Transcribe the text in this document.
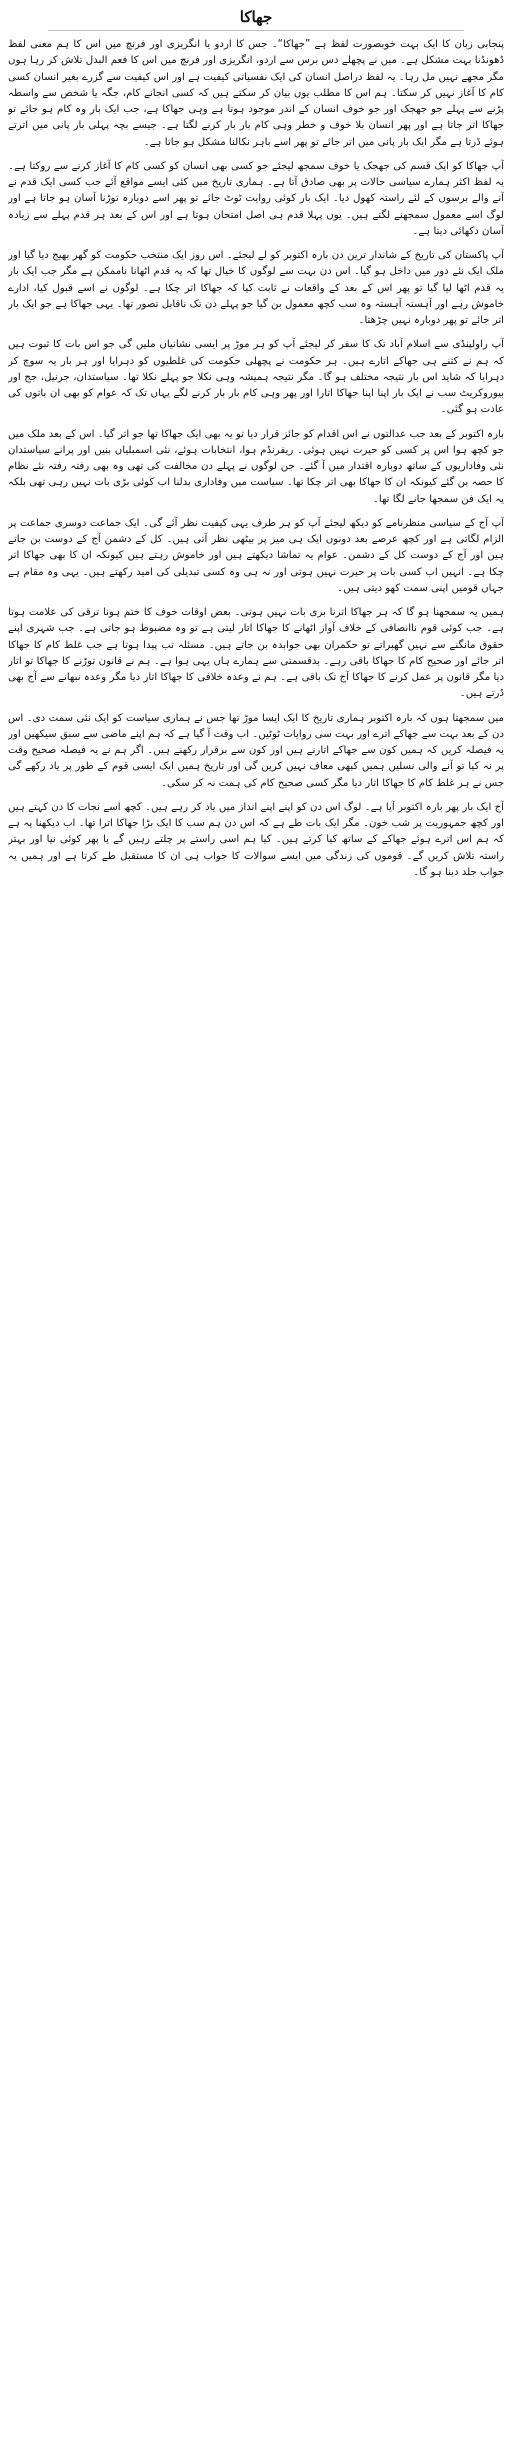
جھاکا

پنجابی زبان کا ایک بہت خوبصورت لفظ ہے ”جھاکا“۔ جس کا اردو یا انگریزی اور فرنچ میں اس کا ہم معنی لفظ ڈھونڈنا بہت مشکل ہے۔ میں نے پچھلے دس برس سے اردو، انگریزی اور فرنچ میں اس کا فعم البدل تلاش کر رہا ہوں مگر مجھے نہیں مل رہا۔ یہ لفظ دراصل انسان کی ایک نفسیاتی کیفیت ہے اور اس کیفیت سے گزرے بغیر انسان کسی کام کا آغاز نہیں کر سکتا۔ ہم اس کا مطلب یوں بیان کر سکتے ہیں کہ کسی انجانے کام، جگہ یا شخص سے واسطہ پڑنے سے پہلے جو جھجک اور جو خوف انسان کے اندر موجود ہوتا ہے وہی جھاکا ہے، جب ایک بار وہ کام ہو جائے تو جھاکا اتر جاتا ہے اور پھر انسان بلا خوف و خطر وہی کام بار بار کرنے لگتا ہے۔ جیسے بچہ پہلی بار پانی میں اترتے ہوئے ڈرتا ہے مگر ایک بار پانی میں اتر جائے تو پھر اسے باہر نکالنا مشکل ہو جاتا ہے۔

آپ جھاکا کو ایک قسم کی جھجک یا خوف سمجھ لیجئے جو کسی بھی انسان کو کسی کام کا آغاز کرنے سے روکتا ہے۔ یہ لفظ اکثر ہمارے سیاسی حالات پر بھی صادق آتا ہے۔ ہماری تاریخ میں کئی ایسے مواقع آئے جب کسی ایک قدم نے آنے والے برسوں کے لئے راستہ کھول دیا۔ ایک بار کوئی روایت ٹوٹ جائے تو پھر اسے دوبارہ توڑنا آسان ہو جاتا ہے اور لوگ اسے معمول سمجھنے لگتے ہیں۔ یوں پہلا قدم ہی اصل امتحان ہوتا ہے اور اس کے بعد ہر قدم پہلے سے زیادہ آسان دکھائی دیتا ہے۔

آپ پاکستان کی تاریخ کے شاندار ترین دن بارہ اکتوبر کو لے لیجئے۔ اس روز ایک منتخب حکومت کو گھر بھیج دیا گیا اور ملک ایک نئے دور میں داخل ہو گیا۔ اس دن بہت سے لوگوں کا خیال تھا کہ یہ قدم اٹھانا ناممکن ہے مگر جب ایک بار یہ قدم اٹھا لیا گیا تو پھر اس کے بعد کے واقعات نے ثابت کیا کہ جھاکا اتر چکا ہے۔ لوگوں نے اسے قبول کیا، ادارے خاموش رہے اور آہستہ آہستہ وہ سب کچھ معمول بن گیا جو پہلے دن تک ناقابل تصور تھا۔ یہی جھاکا ہے جو ایک بار اتر جائے تو پھر دوبارہ نہیں چڑھتا۔

آپ راولپنڈی سے اسلام آباد تک کا سفر کر لیجئے آپ کو ہر موڑ پر ایسی نشانیاں ملیں گی جو اس بات کا ثبوت ہیں کہ ہم نے کتنے ہی جھاکے اتارے ہیں۔ ہر حکومت نے پچھلی حکومت کی غلطیوں کو دہرایا اور ہر بار یہ سوچ کر دہرایا کہ شاید اس بار نتیجہ مختلف ہو گا۔ مگر نتیجہ ہمیشہ وہی نکلا جو پہلے نکلا تھا۔ سیاستدان، جرنیل، جج اور بیوروکریٹ سب نے ایک بار اپنا اپنا جھاکا اتارا اور پھر وہی کام بار بار کرنے لگے یہاں تک کہ عوام کو بھی ان باتوں کی عادت ہو گئی۔

بارہ اکتوبر کے بعد جب عدالتوں نے اس اقدام کو جائز قرار دیا تو یہ بھی ایک جھاکا تھا جو اتر گیا۔ اس کے بعد ملک میں جو کچھ ہوا اس پر کسی کو حیرت نہیں ہوئی۔ ریفرنڈم ہوا، انتخابات ہوئے، نئی اسمبلیاں بنیں اور پرانے سیاستدان نئی وفاداریوں کے ساتھ دوبارہ اقتدار میں آ گئے۔ جن لوگوں نے پہلے دن مخالفت کی تھی وہ بھی رفتہ رفتہ نئے نظام کا حصہ بن گئے کیونکہ ان کا جھاکا بھی اتر چکا تھا۔ سیاست میں وفاداری بدلنا اب کوئی بڑی بات نہیں رہی تھی بلکہ یہ ایک فن سمجھا جانے لگا تھا۔

آپ آج کے سیاسی منظرنامے کو دیکھ لیجئے آپ کو ہر طرف یہی کیفیت نظر آئے گی۔ ایک جماعت دوسری جماعت پر الزام لگاتی ہے اور کچھ عرصے بعد دونوں ایک ہی میز پر بیٹھی نظر آتی ہیں۔ کل کے دشمن آج کے دوست بن جاتے ہیں اور آج کے دوست کل کے دشمن۔ عوام یہ تماشا دیکھتے ہیں اور خاموش رہتے ہیں کیونکہ ان کا بھی جھاکا اتر چکا ہے۔ انہیں اب کسی بات پر حیرت نہیں ہوتی اور نہ ہی وہ کسی تبدیلی کی امید رکھتے ہیں۔ یہی وہ مقام ہے جہاں قومیں اپنی سمت کھو دیتی ہیں۔

ہمیں یہ سمجھنا ہو گا کہ ہر جھاکا اترنا بری بات نہیں ہوتی۔ بعض اوقات خوف کا ختم ہونا ترقی کی علامت ہوتا ہے۔ جب کوئی قوم ناانصافی کے خلاف آواز اٹھانے کا جھاکا اتار لیتی ہے تو وہ مضبوط ہو جاتی ہے۔ جب شہری اپنے حقوق مانگنے سے نہیں گھبراتے تو حکمران بھی جوابدہ بن جاتے ہیں۔ مسئلہ تب پیدا ہوتا ہے جب غلط کام کا جھاکا اتر جائے اور صحیح کام کا جھاکا باقی رہے۔ بدقسمتی سے ہمارے ہاں یہی ہوا ہے۔ ہم نے قانون توڑنے کا جھاکا تو اتار دیا مگر قانون پر عمل کرنے کا جھاکا آج تک باقی ہے۔ ہم نے وعدہ خلافی کا جھاکا اتار دیا مگر وعدہ نبھانے سے آج بھی ڈرتے ہیں۔

میں سمجھتا ہوں کہ بارہ اکتوبر ہماری تاریخ کا ایک ایسا موڑ تھا جس نے ہماری سیاست کو ایک نئی سمت دی۔ اس دن کے بعد بہت سے جھاکے اترے اور بہت سی روایات ٹوٹیں۔ اب وقت آ گیا ہے کہ ہم اپنے ماضی سے سبق سیکھیں اور یہ فیصلہ کریں کہ ہمیں کون سے جھاکے اتارنے ہیں اور کون سے برقرار رکھنے ہیں۔ اگر ہم نے یہ فیصلہ صحیح وقت پر نہ کیا تو آنے والی نسلیں ہمیں کبھی معاف نہیں کریں گی اور تاریخ ہمیں ایک ایسی قوم کے طور پر یاد رکھے گی جس نے ہر غلط کام کا جھاکا اتار دیا مگر کسی صحیح کام کی ہمت نہ کر سکی۔

آج ایک بار پھر بارہ اکتوبر آیا ہے۔ لوگ اس دن کو اپنے اپنے انداز میں یاد کر رہے ہیں۔ کچھ اسے نجات کا دن کہتے ہیں اور کچھ جمہوریت پر شب خون۔ مگر ایک بات طے ہے کہ اس دن ہم سب کا ایک بڑا جھاکا اترا تھا۔ اب دیکھنا یہ ہے کہ ہم اس اترے ہوئے جھاکے کے ساتھ کیا کرتے ہیں۔ کیا ہم اسی راستے پر چلتے رہیں گے یا پھر کوئی نیا اور بہتر راستہ تلاش کریں گے۔ قوموں کی زندگی میں ایسے سوالات کا جواب ہی ان کا مستقبل طے کرتا ہے اور ہمیں یہ جواب جلد دینا ہو گا۔
